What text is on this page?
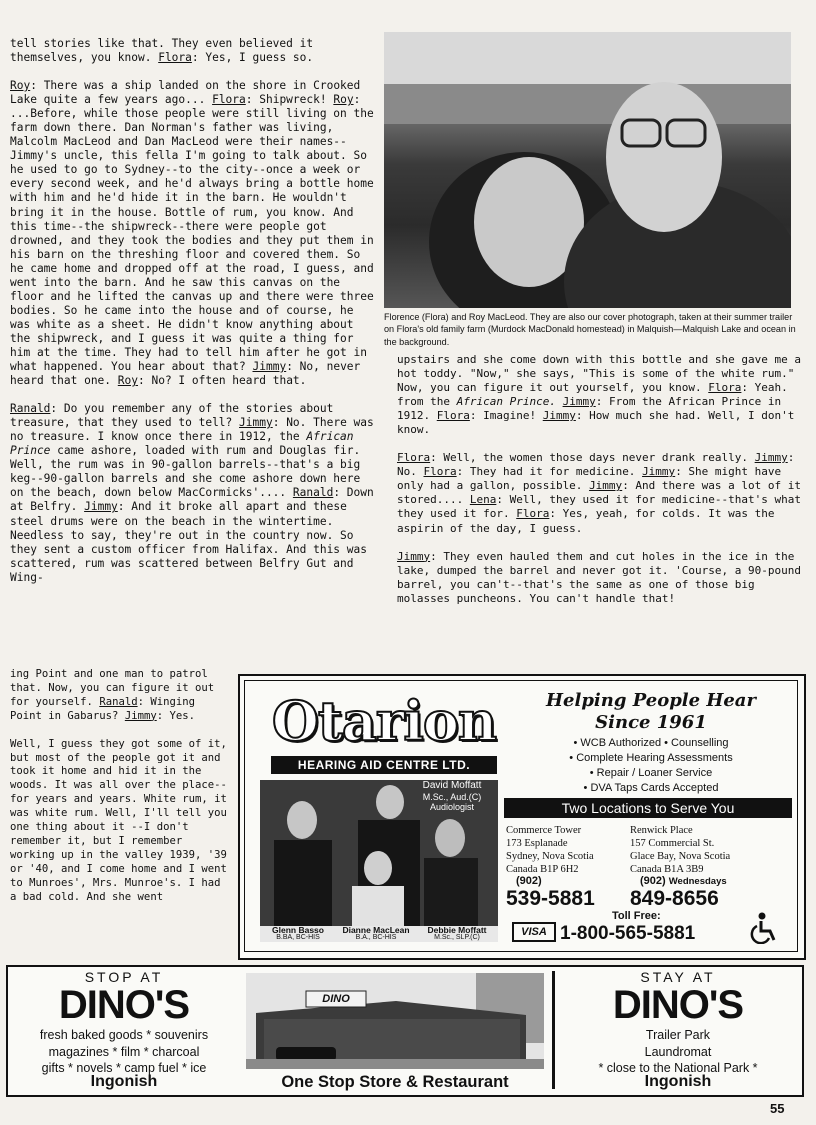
tell stories like that. They even believed it themselves, you know. Flora: Yes, I guess so.

Roy: There was a ship landed on the shore in Crooked Lake quite a few years ago... Flora: Shipwreck! Roy: ...Before, while those people were still living on the farm down there. Dan Norman's father was living, Malcolm MacLeod and Dan MacLeod were their names--Jimmy's uncle, this fella I'm going to talk about. So he used to go to Sydney--to the city--once a week or every second week, and he'd always bring a bottle home with him and he'd hide it in the barn. He wouldn't bring it in the house. Bottle of rum, you know. And this time--the shipwreck--there were people got drowned, and they took the bodies and they put them in his barn on the threshing floor and covered them. So he came home and dropped off at the road, I guess, and went into the barn. And he saw this canvas on the floor and he lifted the canvas up and there were three bodies. So he came into the house and of course, he was white as a sheet. He didn't know anything about the shipwreck, and I guess it was quite a thing for him at the time. They had to tell him after he got in what happened. You hear about that? Jimmy: No, never heard that one. Roy: No? I often heard that.

Ranald: Do you remember any of the stories about treasure, that they used to tell? Jimmy: No. There was no treasure. I know once there in 1912, the African Prince came ashore, loaded with rum and Douglas fir. Well, the rum was in 90-gallon barrels--that's a big keg--90-gallon barrels and she come ashore down here on the beach, down below MacCormicks'.... Ranald: Down at Belfry. Jimmy: And it broke all apart and these steel drums were on the beach in the wintertime. Needless to say, they're out in the country now. So they sent a custom officer from Halifax. And this was scattered, rum was scattered between Belfry Gut and Wing-

ing Point and one man to patrol that. Now, you can figure it out for yourself. Ranald: Winging Point in Gabarus? Jimmy: Yes.

Well, I guess they got some of it, but most of the people got it and took it home and hid it in the woods. It was all over the place--for years and years. White rum, it was white rum. Well, I'll tell you one thing about it --I don't remember it, but I remember working up in the valley 1939, '39 or '40, and I come home and I went to Munroes', Mrs. Munroe's. I had a bad cold. And she went

Florence (Flora) and Roy MacLeod. They are also our cover photograph, taken at their summer trailer on Flora's old family farm (Murdock MacDonald homestead) in Malquish—Malquish Lake and ocean in the background.

upstairs and she come down with this bottle and she gave me a hot toddy. "Now," she says, "This is some of the white rum." Now, you can figure it out yourself, you know. Flora: Yeah. from the African Prince. Jimmy: From the African Prince in 1912. Flora: Imagine! Jimmy: How much she had. Well, I don't know.

Flora: Well, the women those days never drank really. Jimmy: No. Flora: They had it for medicine. Jimmy: She might have only had a gallon, possible. Jimmy: And there was a lot of it stored.... Lena: Well, they used it for medicine--that's what they used it for. Flora: Yes, yeah, for colds. It was the aspirin of the day, I guess.

Jimmy: They even hauled them and cut holes in the ice in the lake, dumped the barrel and never got it. 'Course, a 90-pound barrel, you can't--that's the same as one of those big molasses puncheons. You can't handle that!

Otarion
HEARING AID CENTRE LTD.
Helping People Hear
Since 1961
• WCB Authorized • Counselling
• Complete Hearing Assessments
• Repair / Loaner Service
• DVA Taps Cards Accepted
Two Locations to Serve You
David Moffatt
M.Sc., Aud.(C)
Audiologist
Glenn Basso
B.BA, BC-HIS
Dianne MacLean
B.A., BC-HIS
Debbie Moffatt
M.Sc., SLP.(C)
Commerce Tower
173 Esplanade
Sydney, Nova Scotia
Canada B1P 6H2
(902)
539-5881
Renwick Place
157 Commercial St.
Glace Bay, Nova Scotia
Canada B1A 3B9
(902) Wednesdays
849-8656
VISA
Toll Free:
1-800-565-5881
STOP AT
DINO'S
fresh baked goods * souvenirs
magazines * film * charcoal
gifts * novels * camp fuel * ice
Ingonish
DINO
One Stop Store & Restaurant
STAY AT
DINO'S
Trailer Park
Laundromat
* close to the National Park *
Ingonish
55
